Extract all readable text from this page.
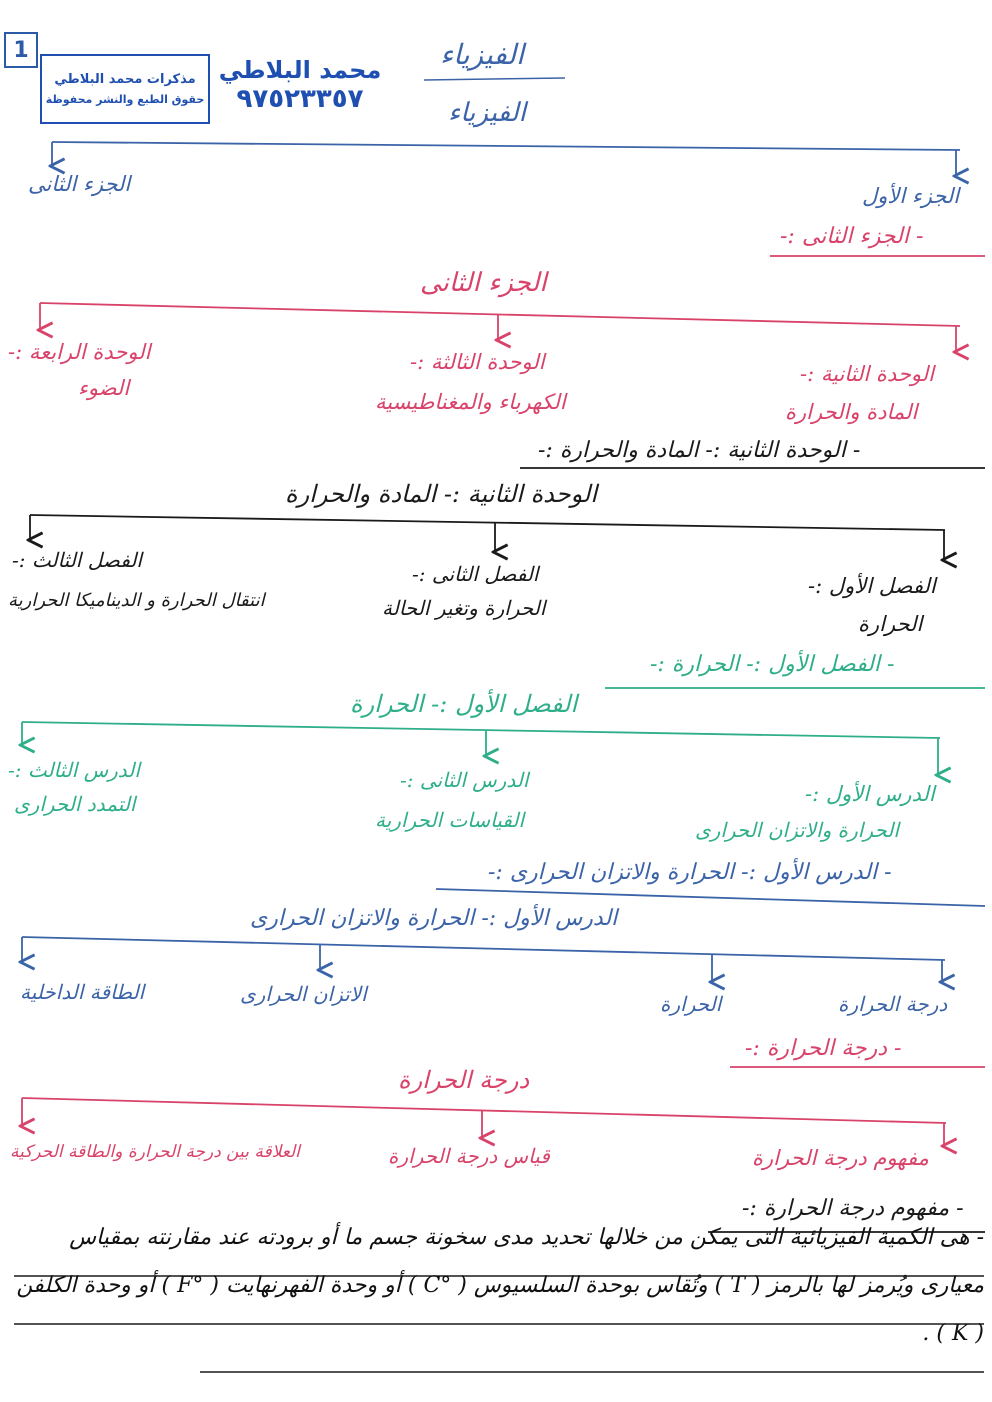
1
مذكرات محمد البلاطي
حقوق الطبع والنشر محفوظة
محمد البلاطي
٩٧٥٢٣٣٥٧
الفيزياء
الفيزياء
الجزء الثانى	الجزء الأول
- الجزء الثانى :-
الجزء الثانى
الوحدة الرابعة :-
الضوء
الوحدة الثالثة :-
الكهرباء والمغناطيسية
الوحدة الثانية :-
المادة والحرارة
- الوحدة الثانية :- المادة والحرارة :-
الوحدة الثانية :- المادة والحرارة
الفصل الثالث :-
انتقال الحرارة و الديناميكا الحرارية
الفصل الثانى :-
الحرارة وتغير الحالة
الفصل الأول :-
الحرارة
- الفصل الأول :- الحرارة :-
الفصل الأول :- الحرارة
الدرس الثالث :-
التمدد الحرارى
الدرس الثانى :-
القياسات الحرارية
الدرس الأول :-
الحرارة والاتزان الحرارى
- الدرس الأول :- الحرارة والاتزان الحرارى :-
الدرس الأول :- الحرارة والاتزان الحرارى
درجة الحرارة
الحرارة
الاتزان الحرارى
الطاقة الداخلية
- درجة الحرارة :-
درجة الحرارة
مفهوم درجة الحرارة
قياس درجة الحرارة
العلاقة بين درجة الحرارة والطاقة الحركية
- مفهوم درجة الحرارة :-
- هى الكمية الفيزيائية التى يمكن من خلالها تحديد مدى سخونة جسم ما أو برودته عند مقارنته بمقياس معيارى ويُرمز لها بالرمز ( T ) وتُقاس بوحدة السلسيوس ( °C ) أو وحدة الفهرنهايت ( °F ) أو وحدة الكلفن ( K ) .
